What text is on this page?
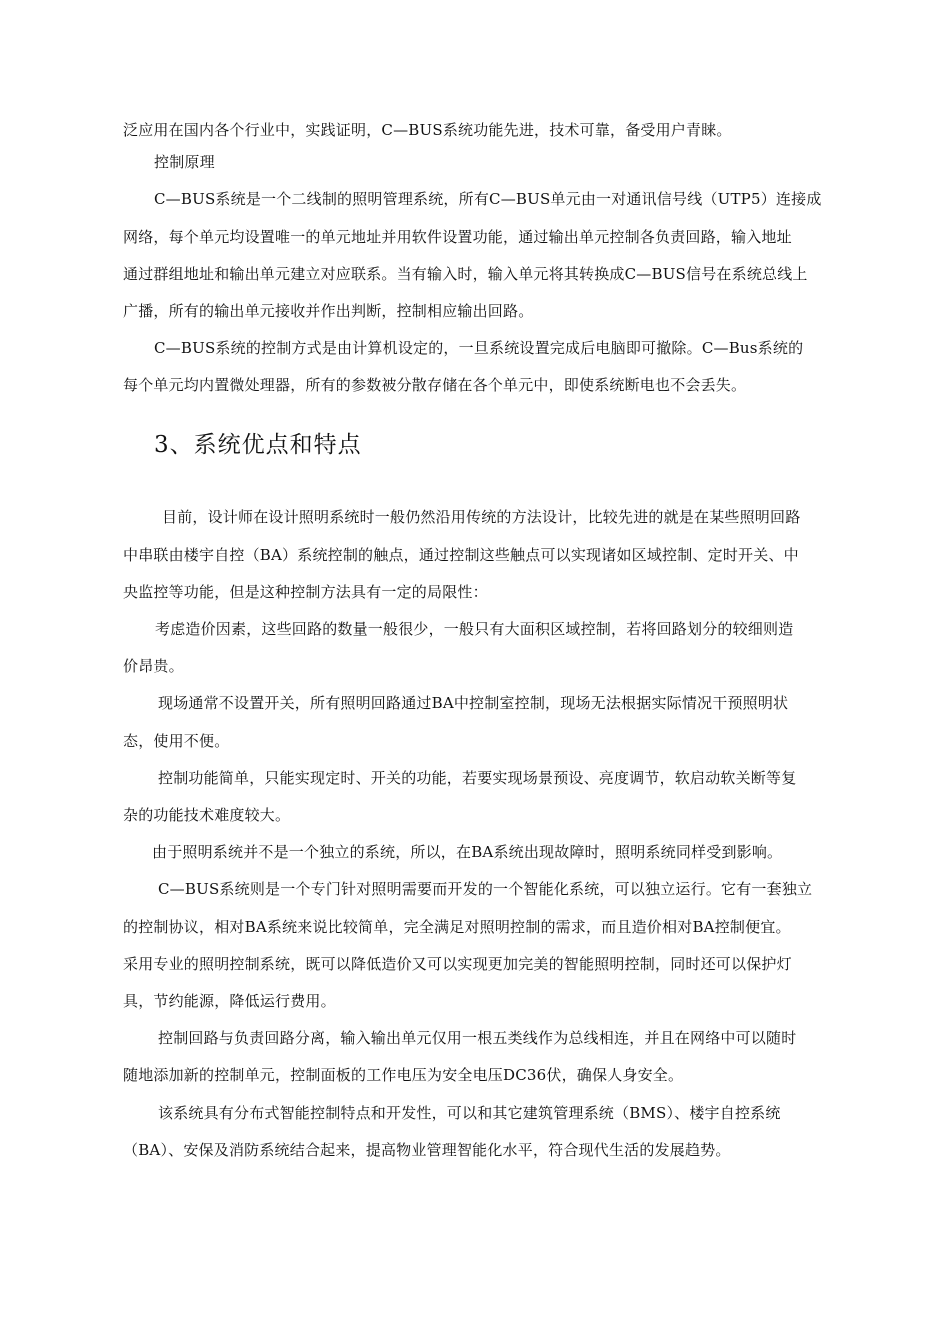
泛应用在国内各个行业中，实践证明，C—BUS系统功能先进，技术可靠，备受用户青睐。
控制原理
C—BUS系统是一个二线制的照明管理系统，所有C—BUS单元由一对通讯信号线（UTP5）连接成
网络，每个单元均设置唯一的单元地址并用软件设置功能，通过输出单元控制各负责回路，输入地址
通过群组地址和输出单元建立对应联系。当有输入时，输入单元将其转换成C—BUS信号在系统总线上
广播，所有的输出单元接收并作出判断，控制相应输出回路。
C—BUS系统的控制方式是由计算机设定的，一旦系统设置完成后电脑即可撤除。C—Bus系统的
每个单元均内置微处理器，所有的参数被分散存储在各个单元中，即使系统断电也不会丢失。
3、系统优点和特点
目前，设计师在设计照明系统时一般仍然沿用传统的方法设计，比较先进的就是在某些照明回路
中串联由楼宇自控（BA）系统控制的触点，通过控制这些触点可以实现诸如区域控制、定时开关、中
央监控等功能，但是这种控制方法具有一定的局限性：
考虑造价因素，这些回路的数量一般很少，一般只有大面积区域控制，若将回路划分的较细则造
价昂贵。
现场通常不设置开关，所有照明回路通过BA中控制室控制，现场无法根据实际情况干预照明状
态，使用不便。
控制功能简单，只能实现定时、开关的功能，若要实现场景预设、亮度调节，软启动软关断等复
杂的功能技术难度较大。
由于照明系统并不是一个独立的系统，所以，在BA系统出现故障时，照明系统同样受到影响。
C—BUS系统则是一个专门针对照明需要而开发的一个智能化系统，可以独立运行。它有一套独立
的控制协议，相对BA系统来说比较简单，完全满足对照明控制的需求，而且造价相对BA控制便宜。
采用专业的照明控制系统，既可以降低造价又可以实现更加完美的智能照明控制，同时还可以保护灯
具，节约能源，降低运行费用。
控制回路与负责回路分离，输入输出单元仅用一根五类线作为总线相连，并且在网络中可以随时
随地添加新的控制单元，控制面板的工作电压为安全电压DC36伏，确保人身安全。
该系统具有分布式智能控制特点和开发性，可以和其它建筑管理系统（BMS）、楼宇自控系统
（BA）、安保及消防系统结合起来，提高物业管理智能化水平，符合现代生活的发展趋势。
